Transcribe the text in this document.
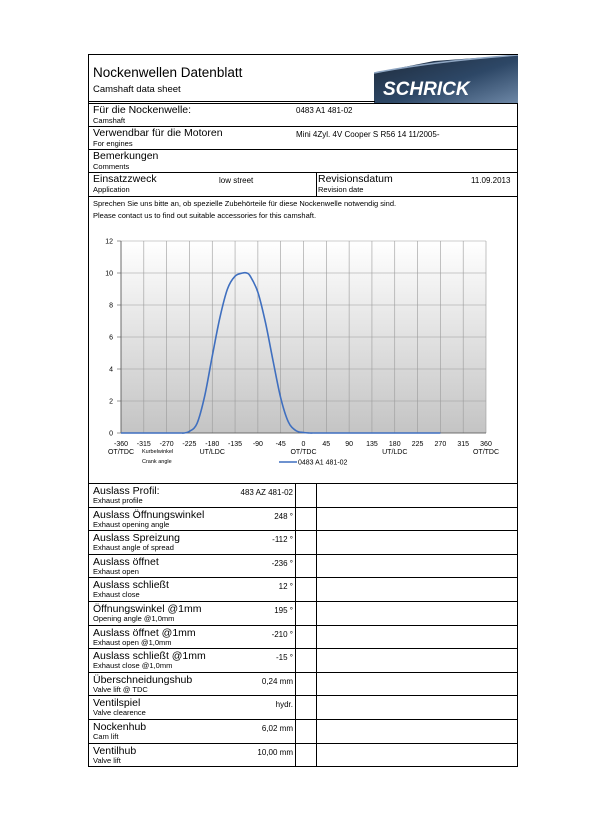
Nockenwellen Datenblatt
Camshaft data sheet	SCHRICK
Für die Nockenwelle:
Camshaft
0483 A1 481-02
Verwendbar für die Motoren
For engines
Mini 4Zyl. 4V Cooper S R56 14 11/2005-
Bemerkungen
Comments
Einsatzzweck
Application
low street	Revisionsdatum
Revision date
11.09.2013
Sprechen Sie uns bitte an, ob spezielle Zubehörteile für diese Nockenwelle notwendig sind.
Please contact us to find out suitable accessories for this camshaft.
0
2
4
6
8
10
12
-360 -315 -270 -225 -180 -135 -90 -45 0 45 90 135 180 225 270 315 360
OT/TDC	UT/LDC	OT/TDC	UT/LDC	OT/TDC
Kurbelwinkel
Crank angle	0483 A1 481-02
Auslass Profil:
Exhaust profile
483 AZ 481-02
Auslass Öffnungswinkel
Exhaust opening angle
248 °
Auslass Spreizung
Exhaust angle of spread
-112 °
Auslass öffnet
Exhaust open
-236 °
Auslass schließt
Exhaust close
12 °
Öffnungswinkel @1mm
Opening angle @1,0mm
195 °
Auslass öffnet @1mm
Exhaust open @1,0mm
-210 °
Auslass schließt @1mm
Exhaust close @1,0mm
-15 °
Überschneidungshub
Valve lift @ TDC
0,24 mm
Ventilspiel
Valve clearence
hydr.
Nockenhub
Cam lift
6,02 mm
Ventilhub
Valve lift
10,00 mm
